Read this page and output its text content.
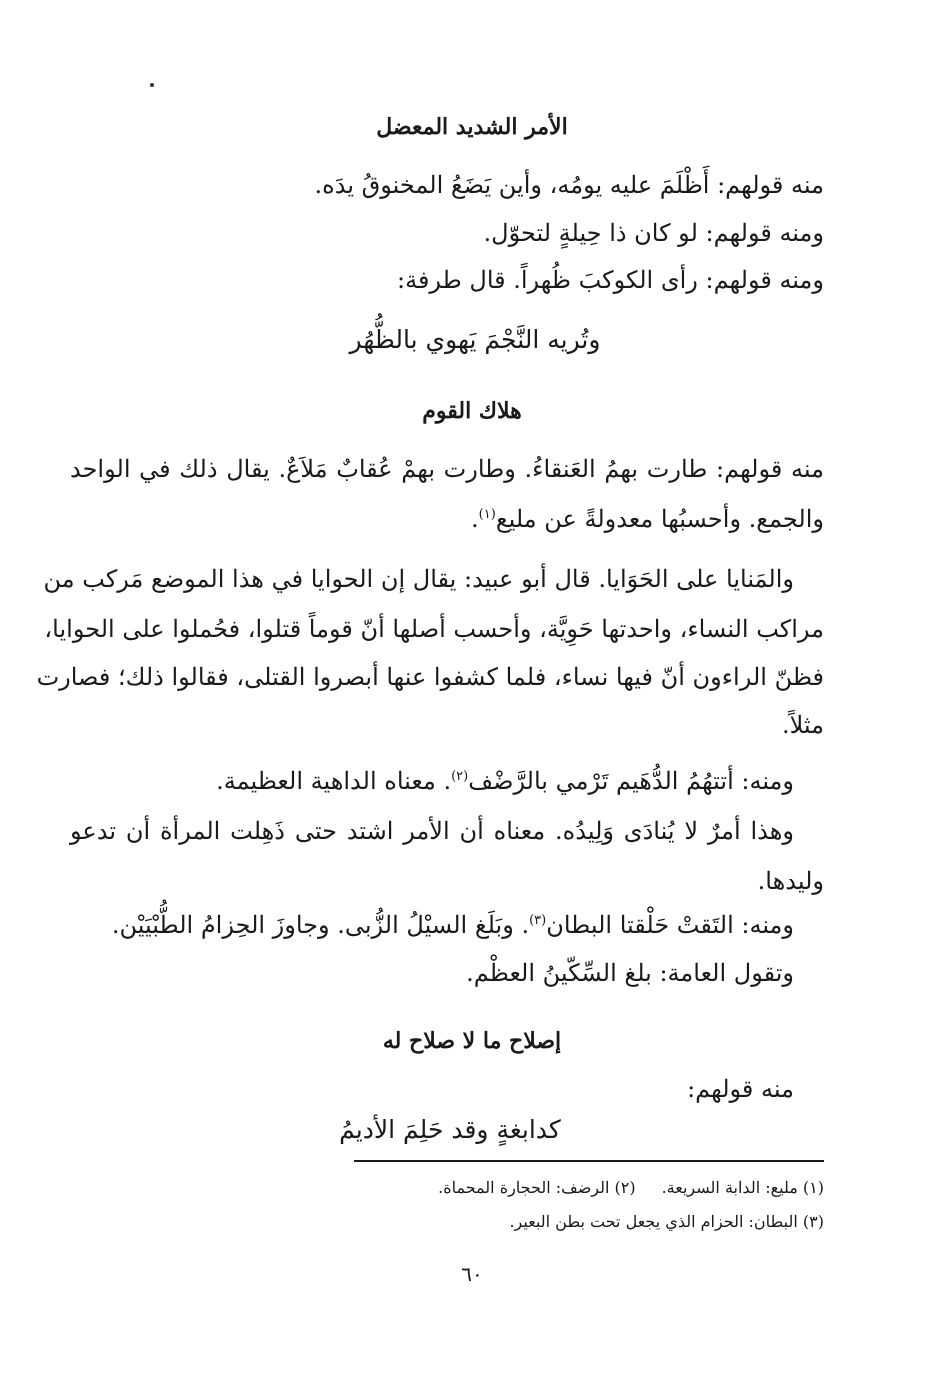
الأمر الشديد المعضل
منه قولهم: أَظْلَمَ عليه يومُه، وأين يَضَعُ المخنوقُ يدَه.
ومنه قولهم: لو كان ذا حِيلةٍ لتحوّل.
ومنه قولهم: رأى الكوكبَ ظُهراً. قال طرفة:
وتُريه النَّجْمَ يَهوي بالظُّهُر
هلاك القوم
منه قولهم: طارت بهمُ العَنقاءُ. وطارت بهمْ عُقابٌ مَلاَعٌ. يقال ذلك في الواحد
والجمع. وأحسبُها معدولةً عن مليع$^{(١)}$.
والمَنايا على الحَوَايا. قال أبو عبيد: يقال إن الحوايا في هذا الموضع مَركب من
مراكب النساء، واحدتها حَوِيَّة، وأحسب أصلها أنّ قوماً قتلوا، فحُملوا على الحوايا،
فظنّ الراءون أنّ فيها نساء، فلما كشفوا عنها أبصروا القتلى، فقالوا ذلك؛ فصارت
مثلاً.
ومنه: أتتهُمُ الدُّهَيم تَرْمي بالرَّضْف$^{(٢)}$. معناه الداهية العظيمة.
وهذا أمرٌ لا يُنادَى وَلِيدُه. معناه أن الأمر اشتد حتى ذَهِلت المرأة أن تدعو
وليدها.
ومنه: التَقتْ حَلْقتا البطان$^{(٣)}$. وبَلَغ السيْلُ الزُّبى. وجاوزَ الحِزامُ الطُّبْيَيْن.
وتقول العامة: بلغ السِّكّينُ العظْم.
إصلاح ما لا صلاح له
منه قولهم:
كدابغةٍ وقد حَلِمَ الأديمُ
(١) مليع: الدابة السريعة.(٢) الرضف: الحجارة المحماة.
(٣) البطان: الحزام الذي يجعل تحت بطن البعير.
٦٠
